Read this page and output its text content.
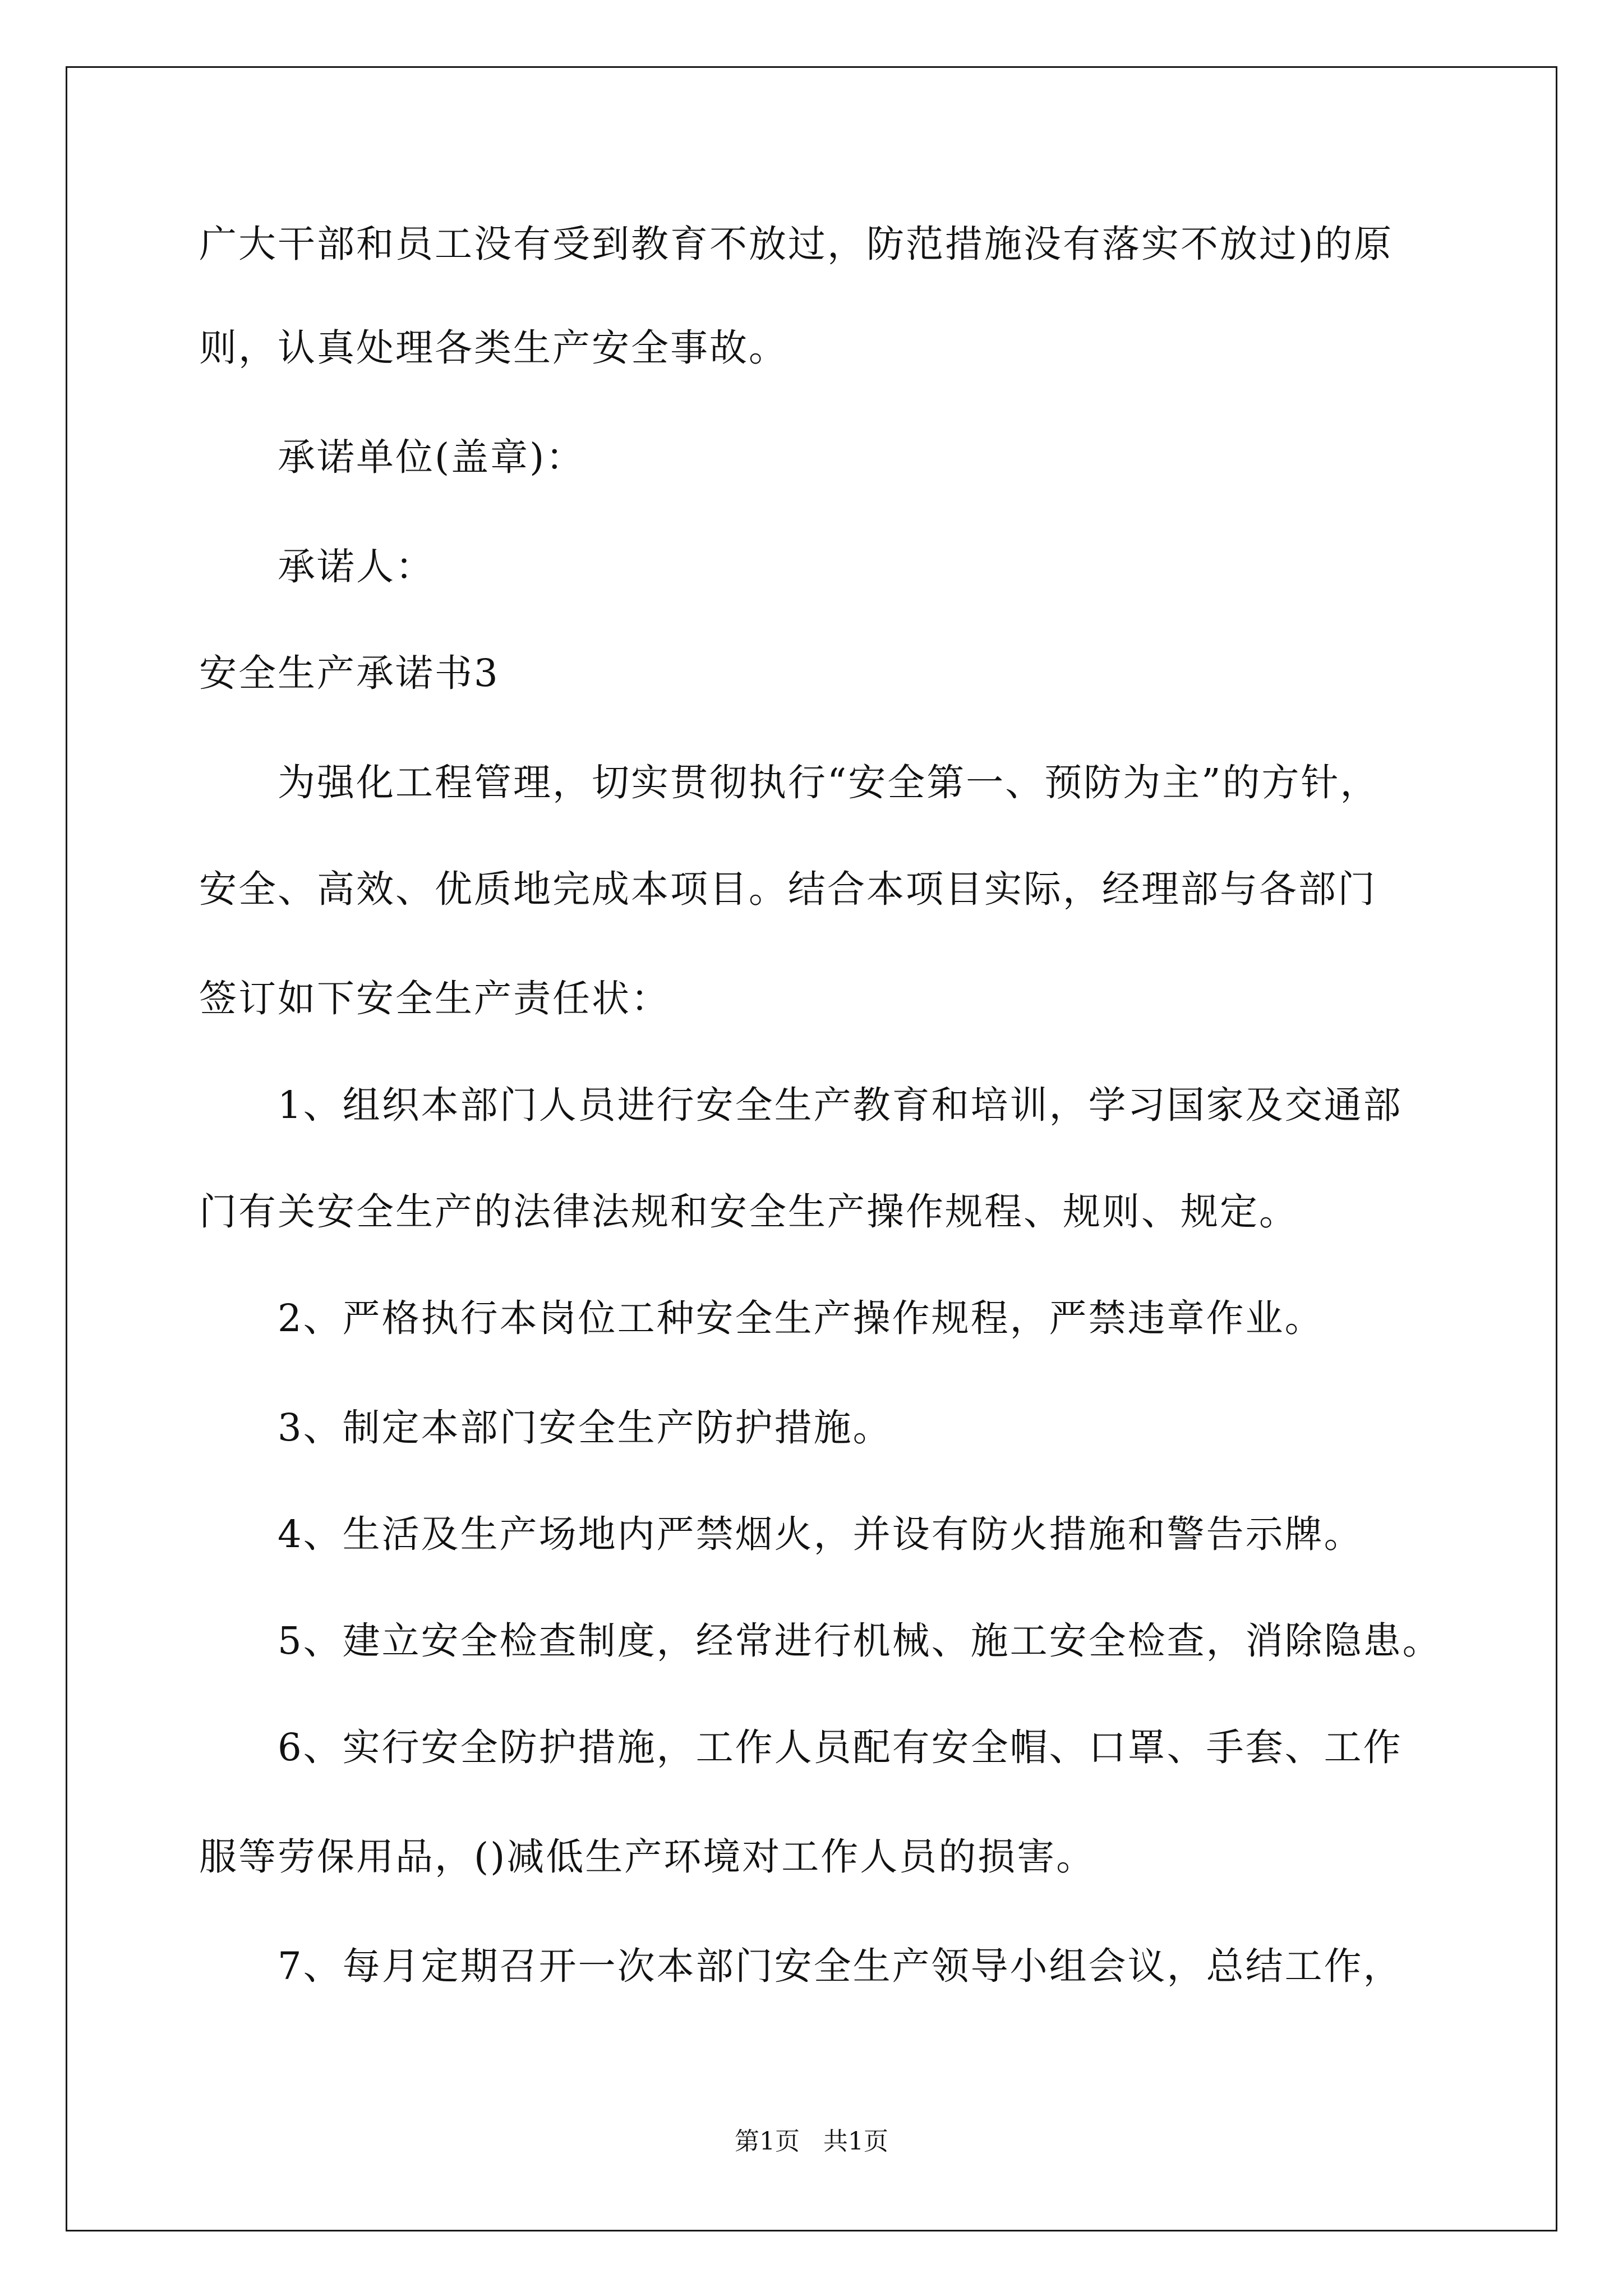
广大干部和员工没有受到教育不放过，防范措施没有落实不放过)的原
则，认真处理各类生产安全事故。
承诺单位(盖章)：
承诺人：
安全生产承诺书3
为强化工程管理，切实贯彻执行“安全第一、预防为主”的方针，
安全、高效、优质地完成本项目。结合本项目实际，经理部与各部门
签订如下安全生产责任状：
1、组织本部门人员进行安全生产教育和培训，学习国家及交通部
门有关安全生产的法律法规和安全生产操作规程、规则、规定。
2、严格执行本岗位工种安全生产操作规程，严禁违章作业。
3、制定本部门安全生产防护措施。
4、生活及生产场地内严禁烟火，并设有防火措施和警告示牌。
5、建立安全检查制度，经常进行机械、施工安全检查，消除隐患。
6、实行安全防护措施，工作人员配有安全帽、口罩、手套、工作
服等劳保用品，()减低生产环境对工作人员的损害。
7、每月定期召开一次本部门安全生产领导小组会议，总结工作，
第1页   共1页
